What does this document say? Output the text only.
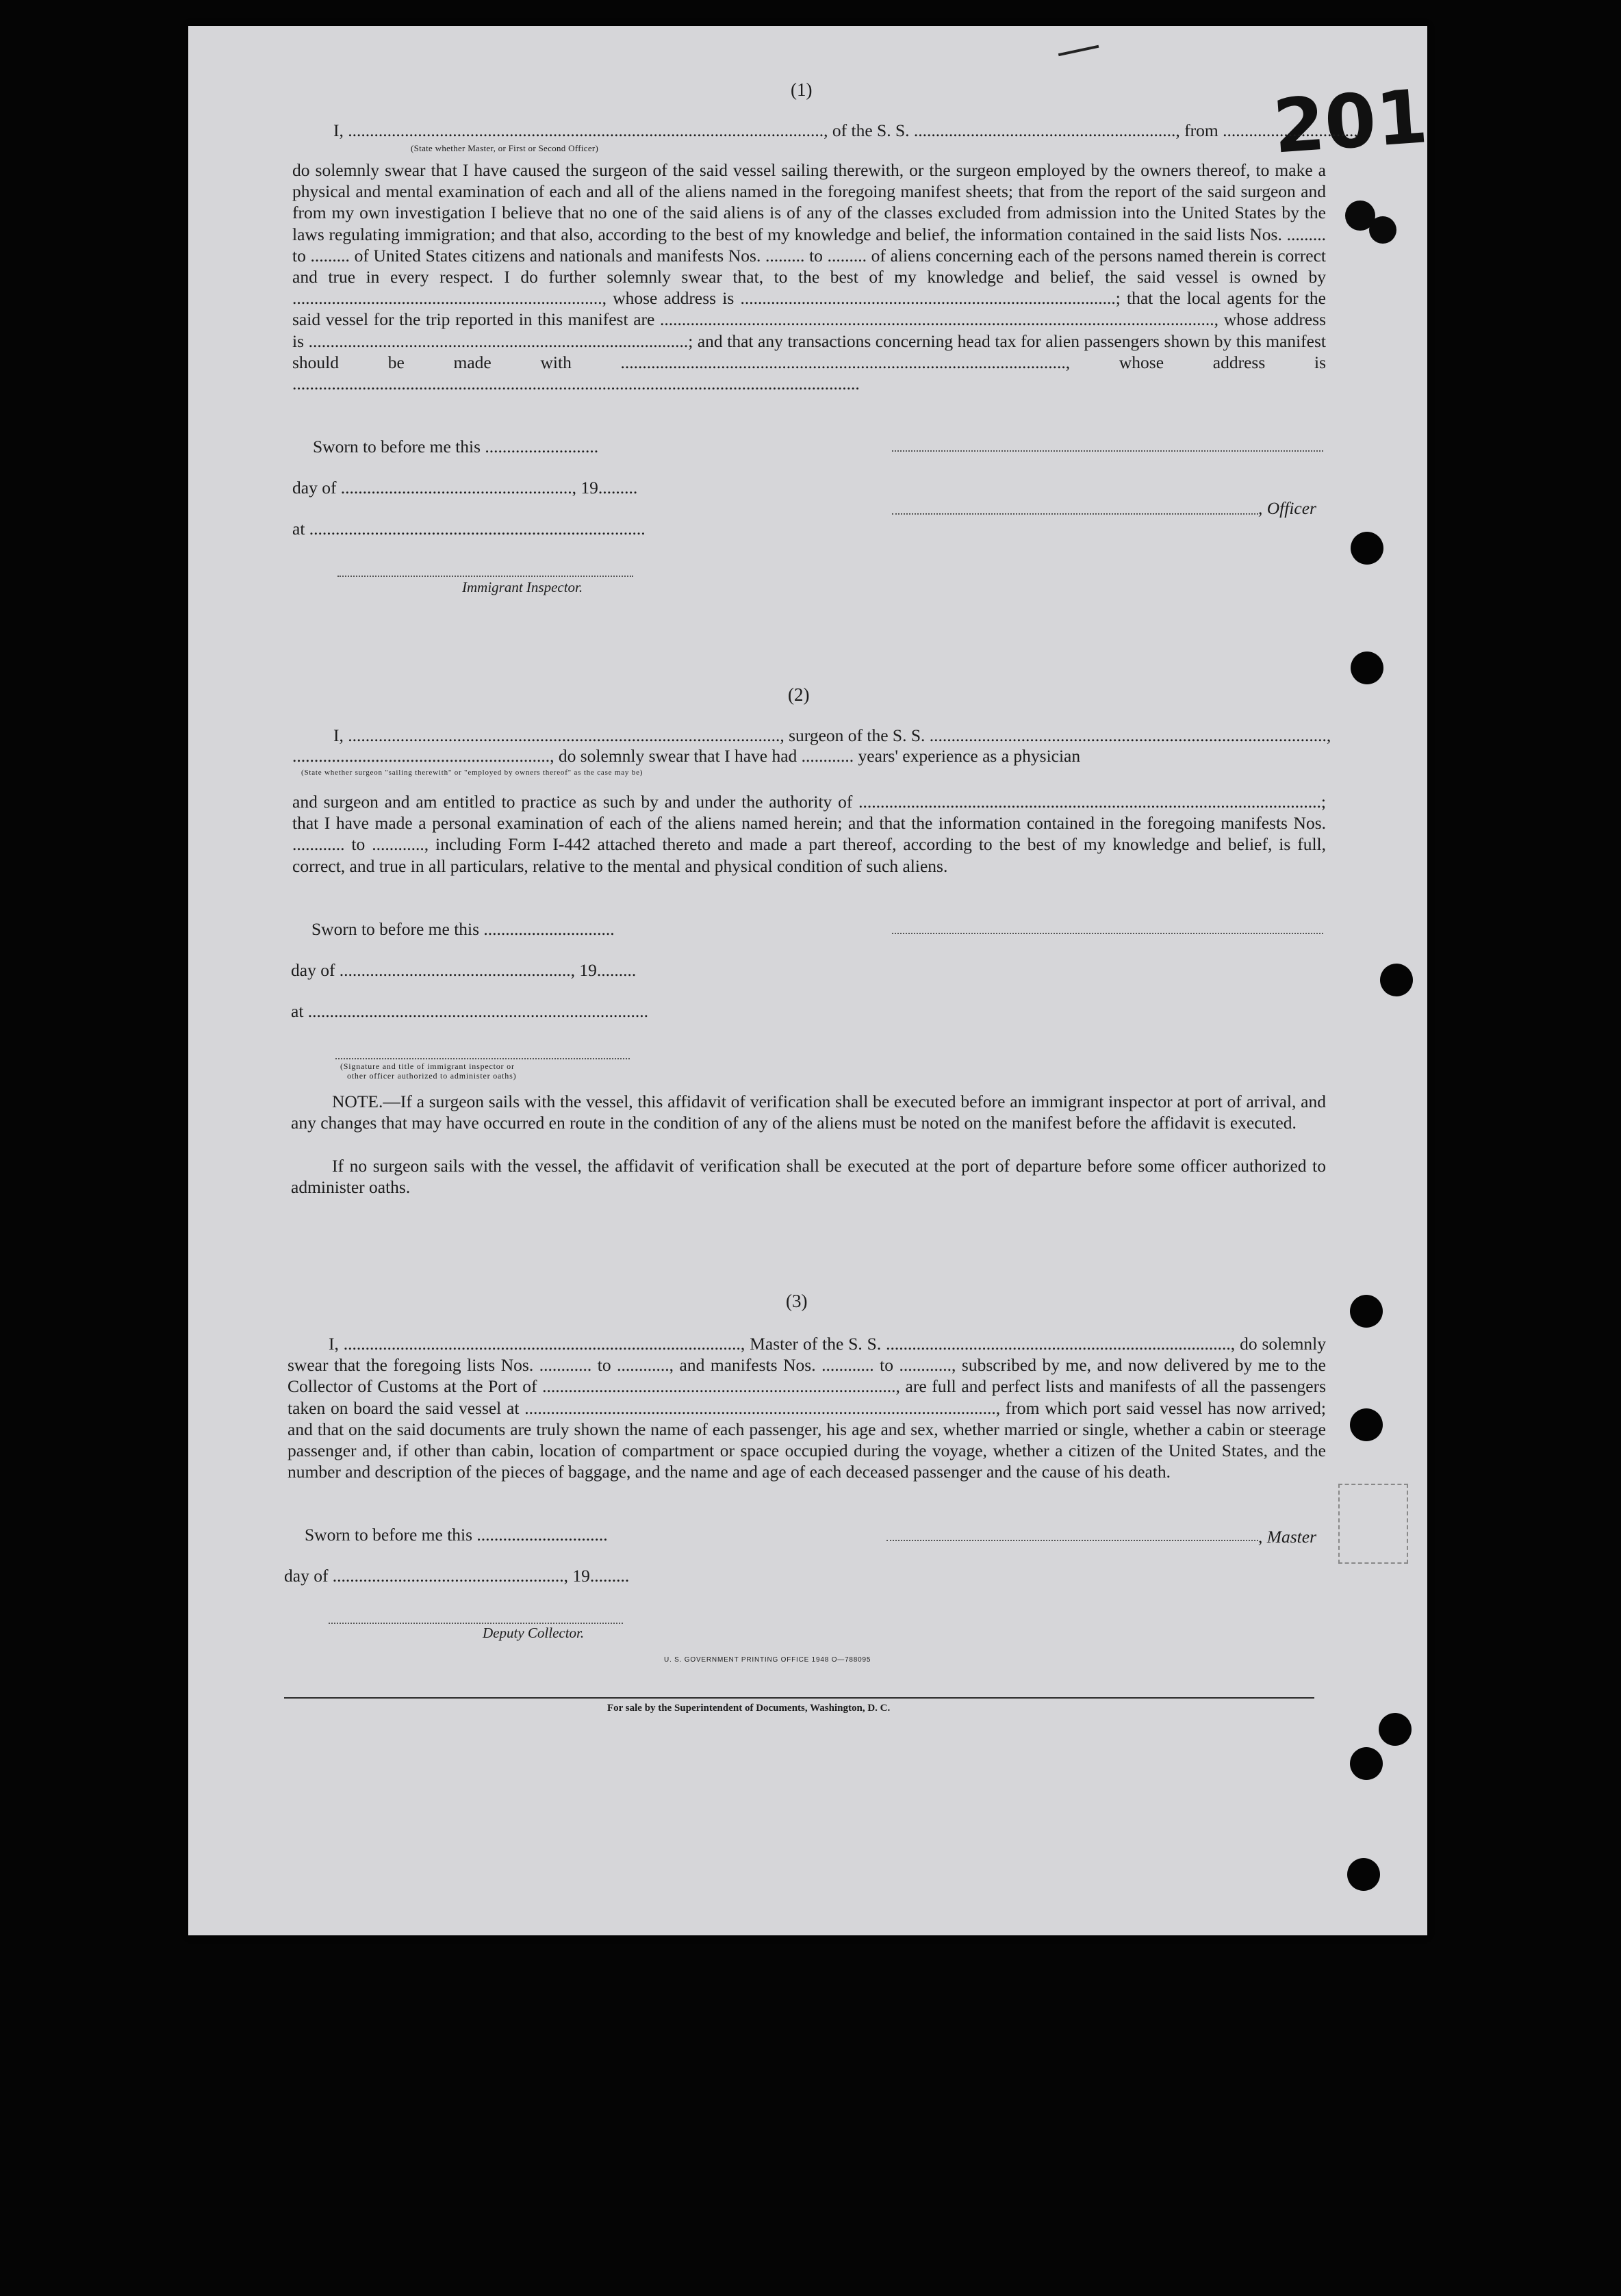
201
(1)
I, ............................................................................................................., of the S. S. ............................................................, from ..............................,
(State whether Master, or First or Second Officer)
do solemnly swear that I have caused the surgeon of the said vessel sailing therewith, or the surgeon employed by the owners thereof, to make a physical and mental examination of each and all of the aliens named in the foregoing manifest sheets; that from the report of the said surgeon and from my own investigation I believe that no one of the said aliens is of any of the classes excluded from admission into the United States by the laws regulating immigration; and that also, according to the best of my knowledge and belief, the information contained in the said lists Nos. ......... to ......... of United States citizens and nationals and manifests Nos. ......... to ......... of aliens concerning each of the persons named therein is correct and true in every respect. I do further solemnly swear that, to the best of my knowledge and belief, the said vessel is owned by ......................................................................., whose address is ......................................................................................; that the local agents for the said vessel for the trip reported in this manifest are ..............................................................................................................................., whose address is .......................................................................................; and that any transactions concerning head tax for alien passengers shown by this manifest should be made with ......................................................................................................, whose address is ..................................................................................................................................
Sworn to before me this ..........................
day of ....................................................., 19.........
, Officer
at .............................................................................
Immigrant Inspector.
(2)
I, ..................................................................................................., surgeon of the S. S. ...........................................................................................,
..........................................................., do solemnly swear that I have had ............ years' experience as a physician
(State whether surgeon "sailing therewith" or "employed by owners thereof" as the case may be)
and surgeon and am entitled to practice as such by and under the authority of ..........................................................................................................; that I have made a personal examination of each of the aliens named herein; and that the information contained in the foregoing manifests Nos. ............ to ............, including Form I-442 attached thereto and made a part thereof, according to the best of my knowledge and belief, is full, correct, and true in all particulars, relative to the mental and physical condition of such aliens.
Sworn to before me this ..............................
day of ....................................................., 19.........
at ..............................................................................
(Signature and title of immigrant inspector or
other officer authorized to administer oaths)
NOTE.—If a surgeon sails with the vessel, this affidavit of verification shall be executed before an immigrant inspector at port of arrival, and any changes that may have occurred en route in the condition of any of the aliens must be noted on the manifest before the affidavit is executed.
If no surgeon sails with the vessel, the affidavit of verification shall be executed at the port of departure before some officer authorized to administer oaths.
(3)
I, ..........................................................................................., Master of the S. S. ..............................................................................., do solemnly swear that the foregoing lists Nos. ............ to ............, and manifests Nos. ............ to ............, subscribed by me, and now delivered by me to the Collector of Customs at the Port of ................................................................................., are full and perfect lists and manifests of all the passengers taken on board the said vessel at ............................................................................................................, from which port said vessel has now arrived; and that on the said documents are truly shown the name of each passenger, his age and sex, whether married or single, whether a cabin or steerage passenger and, if other than cabin, location of compartment or space occupied during the voyage, whether a citizen of the United States, and the number and description of the pieces of baggage, and the name and age of each deceased passenger and the cause of his death.
Sworn to before me this ..............................	, Master
day of ....................................................., 19.........
Deputy Collector.
U. S. GOVERNMENT PRINTING OFFICE 1948 O—788095
For sale by the Superintendent of Documents, Washington, D. C.
